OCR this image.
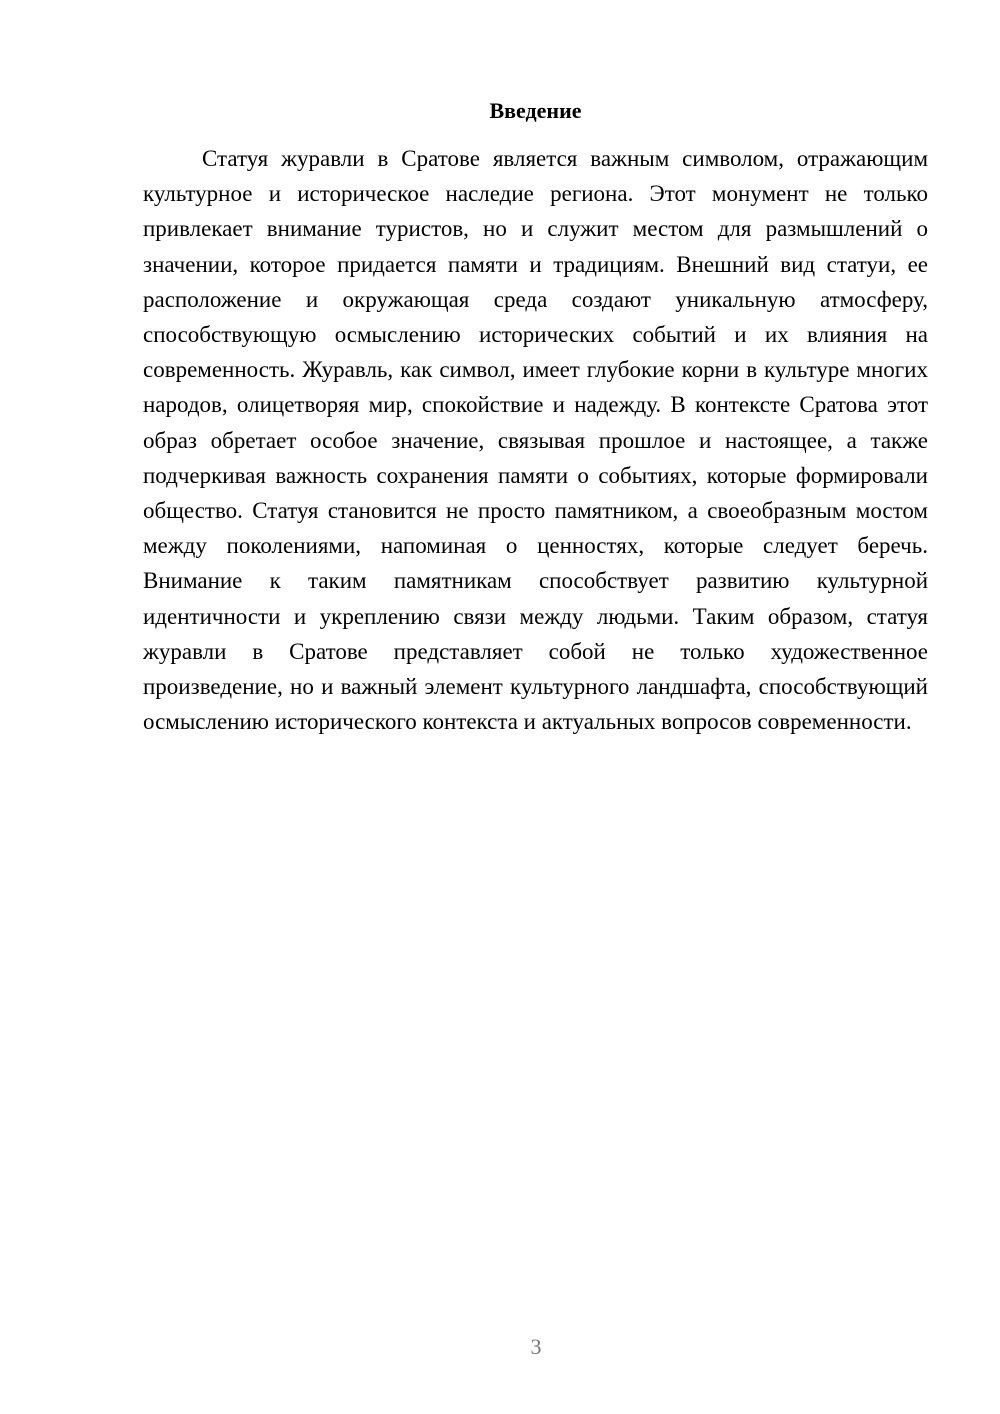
Введение

Статуя журавли в Сратове является важным символом, отражающим культурное и историческое наследие региона. Этот монумент не только привлекает внимание туристов, но и служит местом для размышлений о значении, которое придается памяти и традициям. Внешний вид статуи, ее расположение и окружающая среда создают уникальную атмосферу, способствующую осмыслению исторических событий и их влияния на современность. Журавль, как символ, имеет глубокие корни в культуре многих народов, олицетворяя мир, спокойствие и надежду. В контексте Сратова этот образ обретает особое значение, связывая прошлое и настоящее, а также подчеркивая важность сохранения памяти о событиях, которые формировали общество. Статуя становится не просто памятником, а своеобразным мостом между поколениями, напоминая о ценностях, которые следует беречь. Внимание к таким памятникам способствует развитию культурной идентичности и укреплению связи между людьми. Таким образом, статуя журавли в Сратове представляет собой не только художественное произведение, но и важный элемент культурного ландшафта, способствующий осмыслению исторического контекста и актуальных вопросов современности.

3
